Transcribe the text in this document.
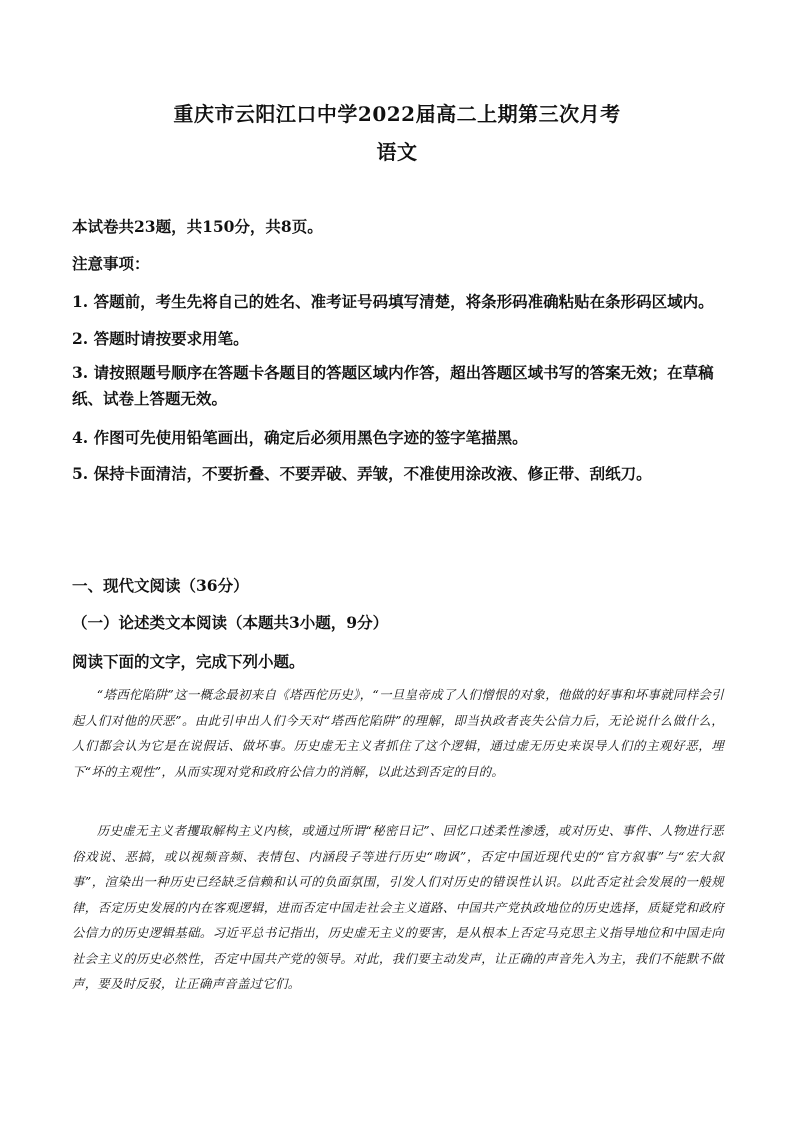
重庆市云阳江口中学2022届高二上期第三次月考
语文
本试卷共23题，共150分，共8页。
注意事项：
1. 答题前，考生先将自己的姓名、准考证号码填写清楚，将条形码准确粘贴在条形码区域内。
2. 答题时请按要求用笔。
3. 请按照题号顺序在答题卡各题目的答题区域内作答，超出答题区域书写的答案无效；在草稿纸、试卷上答题无效。
4. 作图可先使用铅笔画出，确定后必须用黑色字迹的签字笔描黑。
5. 保持卡面清洁，不要折叠、不要弄破、弄皱，不准使用涂改液、修正带、刮纸刀。
一、现代文阅读（36分）
（一）论述类文本阅读（本题共3小题，9分）
阅读下面的文字，完成下列小题。
“塔西佗陷阱”这一概念最初来自《塔西佗历史》，“一旦皇帝成了人们憎恨的对象，他做的好事和坏事就同样会引起人们对他的厌恶”。由此引申出人们今天对“塔西佗陷阱”的理解，即当执政者丧失公信力后，无论说什么做什么，人们都会认为它是在说假话、做坏事。历史虚无主义者抓住了这个逻辑，通过虚无历史来误导人们的主观好恶，埋下“坏的主观性”，从而实现对党和政府公信力的消解，以此达到否定的目的。
历史虚无主义者攫取解构主义内核，或通过所谓“秘密日记”、回忆口述柔性渗透，或对历史、事件、人物进行恶俗戏说、恶搞，或以视频音频、表情包、内涵段子等进行历史“吻讽”，否定中国近现代史的“官方叙事”与“宏大叙事”，渲染出一种历史已经缺乏信赖和认可的负面氛围，引发人们对历史的错误性认识。以此否定社会发展的一般规律，否定历史发展的内在客观逻辑，进而否定中国走社会主义道路、中国共产党执政地位的历史选择，质疑党和政府公信力的历史逻辑基础。习近平总书记指出，历史虚无主义的要害，是从根本上否定马克思主义指导地位和中国走向社会主义的历史必然性，否定中国共产党的领导。对此，我们要主动发声，让正确的声音先入为主，我们不能默不做声，要及时反驳，让正确声音盖过它们。
